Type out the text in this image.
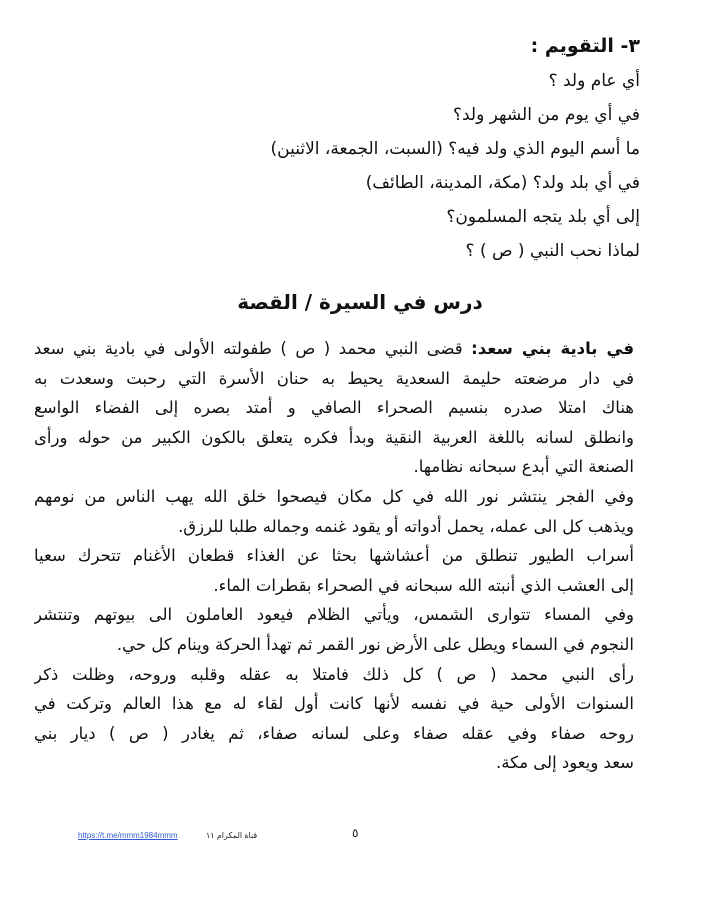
٣- التقويم :
أي عام ولد ؟
في أي يوم من الشهر ولد؟
ما أسم اليوم الذي ولد فيه؟ (السبت، الجمعة، الاثنين)
في أي بلد ولد؟ (مكة، المدينة، الطائف)
إلى أي بلد يتجه المسلمون؟
لماذا نحب النبي ( ص ) ؟
درس في السيرة / القصة
في بادية بني سعد: قضى النبي محمد ( ص ) طفولته الأولى في بادية بني سعد
في دار مرضعته حليمة السعدية يحيط به حنان الأسرة التي رحبت وسعدت به
هناك امتلا صدره بنسيم الصحراء الصافي و أمتد بصره إلى الفضاء الواسع
وانطلق لسانه باللغة العربية النقية وبدأ فكره يتعلق بالكون الكبير من حوله ورأى
الصنعة التي أبدع سبحانه نظامها.
وفي الفجر ينتشر نور الله في كل مكان فيصحوا خلق الله يهب الناس من نومهم
ويذهب كل الى عمله، يحمل أدواته أو يقود غنمه وجماله طلبا للرزق.
أسراب الطيور تنطلق من أعشاشها بحثا عن الغذاء قطعان الأغنام تتحرك سعيا
إلى العشب الذي أنبته الله سبحانه في الصحراء بقطرات الماء.
وفي المساء تتوارى الشمس، ويأتي الظلام فيعود العاملون الى بيوتهم وتنتشر
النجوم في السماء ويطل على الأرض نور القمر ثم تهدأ الحركة وينام كل حي.
رأى النبي محمد ( ص ) كل ذلك فامتلا به عقله وقلبه وروحه، وظلت ذكر
السنوات الأولى حية في نفسه لأنها كانت أول لقاء له مع هذا العالم وتركت في
روحه صفاء وفي عقله صفاء وعلى لسانه صفاء، ثم يغادر ( ص ) ديار بني
سعد ويعود إلى مكة.
https://t.me/mmm1984mmm	قناة المكرام ١١	٥
